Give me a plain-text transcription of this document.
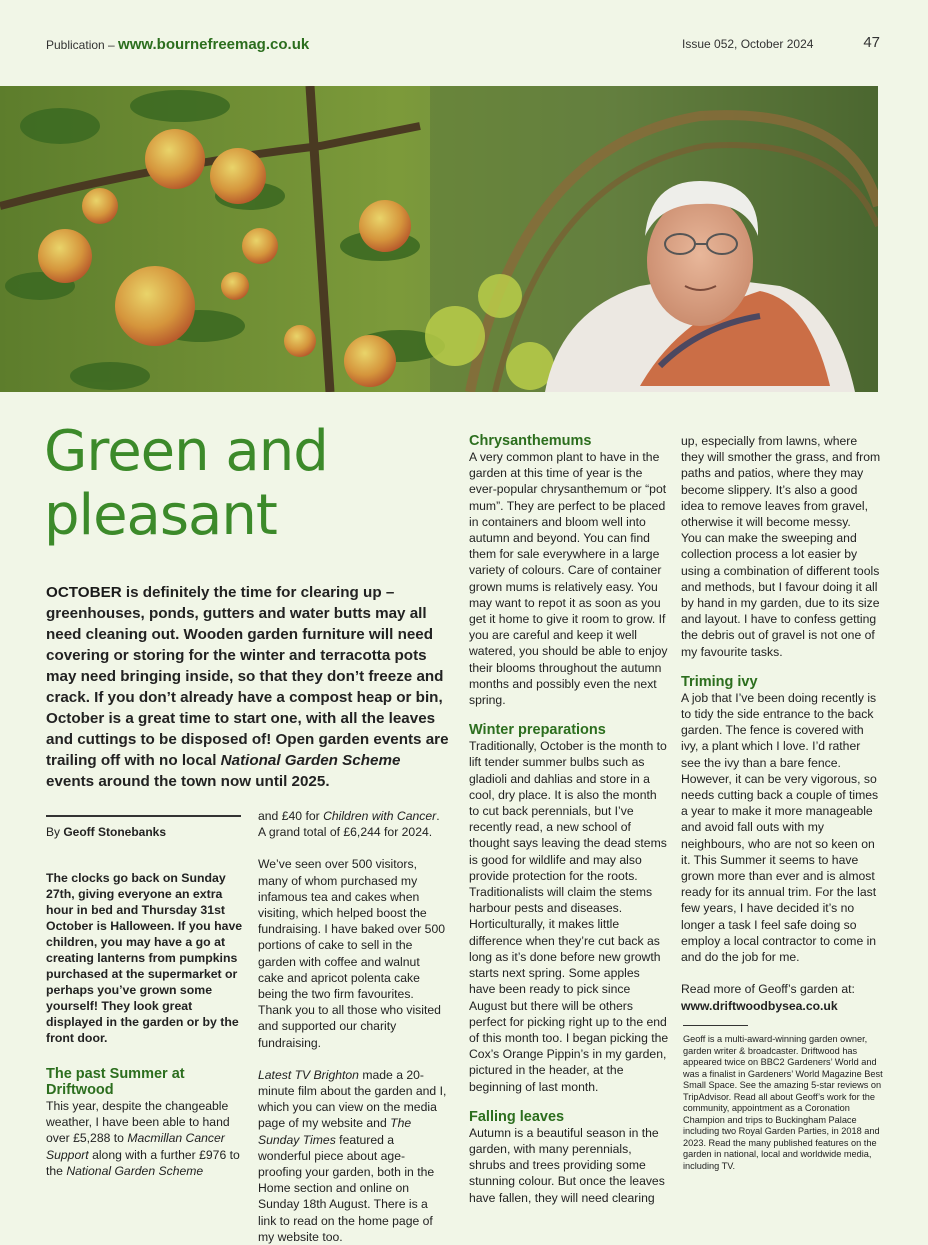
Publication – www.bournefreemag.co.uk	Issue 052, October 2024	47
Green and pleasant

OCTOBER is definitely the time for clearing up – greenhouses, ponds, gutters and water butts may all need cleaning out. Wooden garden furniture will need covering or storing for the winter and terracotta pots may need bringing inside, so that they don’t freeze and crack. If you don’t already have a compost heap or bin, October is a great time to start one, with all the leaves and cuttings to be disposed of! Open garden events are trailing off with no local National Garden Scheme events around the town now until 2025.

By Geoff Stonebanks

The clocks go back on Sunday 27th, giving everyone an extra hour in bed and Thursday 31st October is Halloween. If you have children, you may have a go at creating lanterns from pumpkins purchased at the supermarket or perhaps you’ve grown some yourself! They look great displayed in the garden or by the front door.

The past Summer at Driftwood

This year, despite the changeable weather, I have been able to hand over £5,288 to Macmillan Cancer Support along with a further £976 to the National Garden Scheme

and £40 for Children with Cancer. A grand total of £6,244 for 2024.

We’ve seen over 500 visitors, many of whom purchased my infamous tea and cakes when visiting, which helped boost the fundraising. I have baked over 500 portions of cake to sell in the garden with coffee and walnut cake and apricot polenta cake being the two firm favourites. Thank you to all those who visited and supported our charity fundraising.

Latest TV Brighton made a 20-minute film about the garden and I, which you can view on the media page of my website and The Sunday Times featured a wonderful piece about age-proofing your garden, both in the Home section and online on Sunday 18th August. There is a link to read on the home page of my website too.

Chrysanthemums

A very common plant to have in the garden at this time of year is the ever-popular chrysanthemum or “pot mum”. They are perfect to be placed in containers and bloom well into autumn and beyond. You can find them for sale everywhere in a large variety of colours. Care of container grown mums is relatively easy. You may want to repot it as soon as you get it home to give it room to grow. If you are careful and keep it well watered, you should be able to enjoy their blooms throughout the autumn months and possibly even the next spring.

Winter preparations

Traditionally, October is the month to lift tender summer bulbs such as gladioli and dahlias and store in a cool, dry place. It is also the month to cut back perennials, but I’ve recently read, a new school of thought says leaving the dead stems is good for wildlife and may also provide protection for the roots. Traditionalists will claim the stems harbour pests and diseases. Horticulturally, it makes little difference when they’re cut back as long as it’s done before new growth starts next spring. Some apples have been ready to pick since August but there will be others perfect for picking right up to the end of this month too. I began picking the Cox’s Orange Pippin’s in my garden, pictured in the header, at the beginning of last month.

Falling leaves

Autumn is a beautiful season in the garden, with many perennials, shrubs and trees providing some stunning colour. But once the leaves have fallen, they will need clearing

up, especially from lawns, where they will smother the grass, and from paths and patios, where they may become slippery. It’s also a good idea to remove leaves from gravel, otherwise it will become messy.

You can make the sweeping and collection process a lot easier by using a combination of different tools and methods, but I favour doing it all by hand in my garden, due to its size and layout. I have to confess getting the debris out of gravel is not one of my favourite tasks.

Triming ivy

A job that I’ve been doing recently is to tidy the side entrance to the back garden. The fence is covered with ivy, a plant which I love. I’d rather see the ivy than a bare fence. However, it can be very vigorous, so needs cutting back a couple of times a year to make it more manageable and avoid fall outs with my neighbours, who are not so keen on it. This Summer it seems to have grown more than ever and is almost ready for its annual trim. For the last few years, I have decided it’s no longer a task I feel safe doing so employ a local contractor to come in and do the job for me.

Read more of Geoff’s garden at:

www.driftwoodbysea.co.uk

Geoff is a multi-award-winning garden owner, garden writer & broadcaster. Driftwood has appeared twice on BBC2 Gardeners’ World and was a finalist in Gardeners’ World Magazine Best Small Space. See the amazing 5-star reviews on TripAdvisor. Read all about Geoff’s work for the community, appointment as a Coronation Champion and trips to Buckingham Palace including two Royal Garden Parties, in 2018 and 2023. Read the many published features on the garden in national, local and worldwide media, including TV.
